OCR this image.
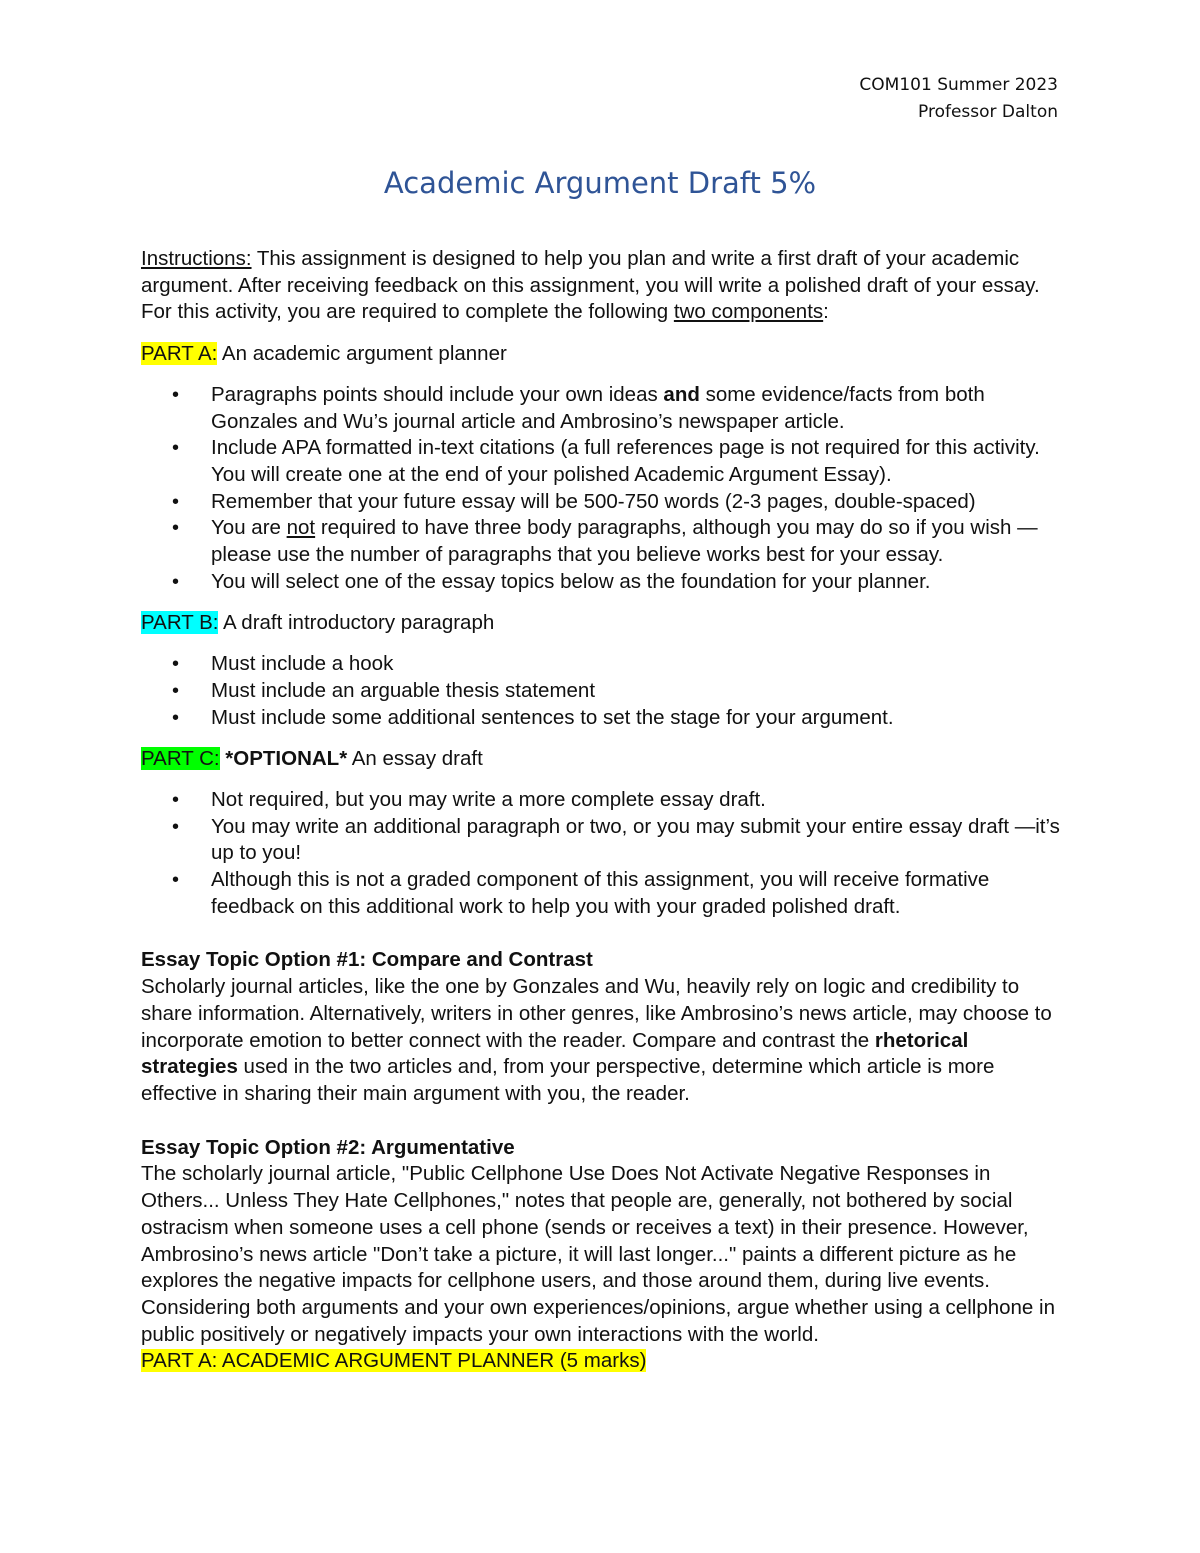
COM101 Summer 2023
Professor Dalton
Academic Argument Draft 5%

Instructions: This assignment is designed to help you plan and write a first draft of your academic argument. After receiving feedback on this assignment, you will write a polished draft of your essay. For this activity, you are required to complete the following two components:

PART A: An academic argument planner

• Paragraphs points should include your own ideas and some evidence/facts from both Gonzales and Wu’s journal article and Ambrosino’s newspaper article.
• Include APA formatted in-text citations (a full references page is not required for this activity. You will create one at the end of your polished Academic Argument Essay).
• Remember that your future essay will be 500-750 words (2-3 pages, double-spaced)
• You are not required to have three body paragraphs, although you may do so if you wish —please use the number of paragraphs that you believe works best for your essay.
• You will select one of the essay topics below as the foundation for your planner.

PART B: A draft introductory paragraph

• Must include a hook
• Must include an arguable thesis statement
• Must include some additional sentences to set the stage for your argument.

PART C: *OPTIONAL* An essay draft

• Not required, but you may write a more complete essay draft.
• You may write an additional paragraph or two, or you may submit your entire essay draft —it’s up to you!
• Although this is not a graded component of this assignment, you will receive formative feedback on this additional work to help you with your graded polished draft.

Essay Topic Option #1: Compare and Contrast

Scholarly journal articles, like the one by Gonzales and Wu, heavily rely on logic and credibility to share information. Alternatively, writers in other genres, like Ambrosino’s news article, may choose to incorporate emotion to better connect with the reader. Compare and contrast the rhetorical strategies used in the two articles and, from your perspective, determine which article is more effective in sharing their main argument with you, the reader.

Essay Topic Option #2: Argumentative

The scholarly journal article, "Public Cellphone Use Does Not Activate Negative Responses in Others... Unless They Hate Cellphones," notes that people are, generally, not bothered by social ostracism when someone uses a cell phone (sends or receives a text) in their presence. However, Ambrosino’s news article "Don’t take a picture, it will last longer..." paints a different picture as he explores the negative impacts for cellphone users, and those around them, during live events. Considering both arguments and your own experiences/opinions, argue whether using a cellphone in public positively or negatively impacts your own interactions with the world.

PART A: ACADEMIC ARGUMENT PLANNER (5 marks)
